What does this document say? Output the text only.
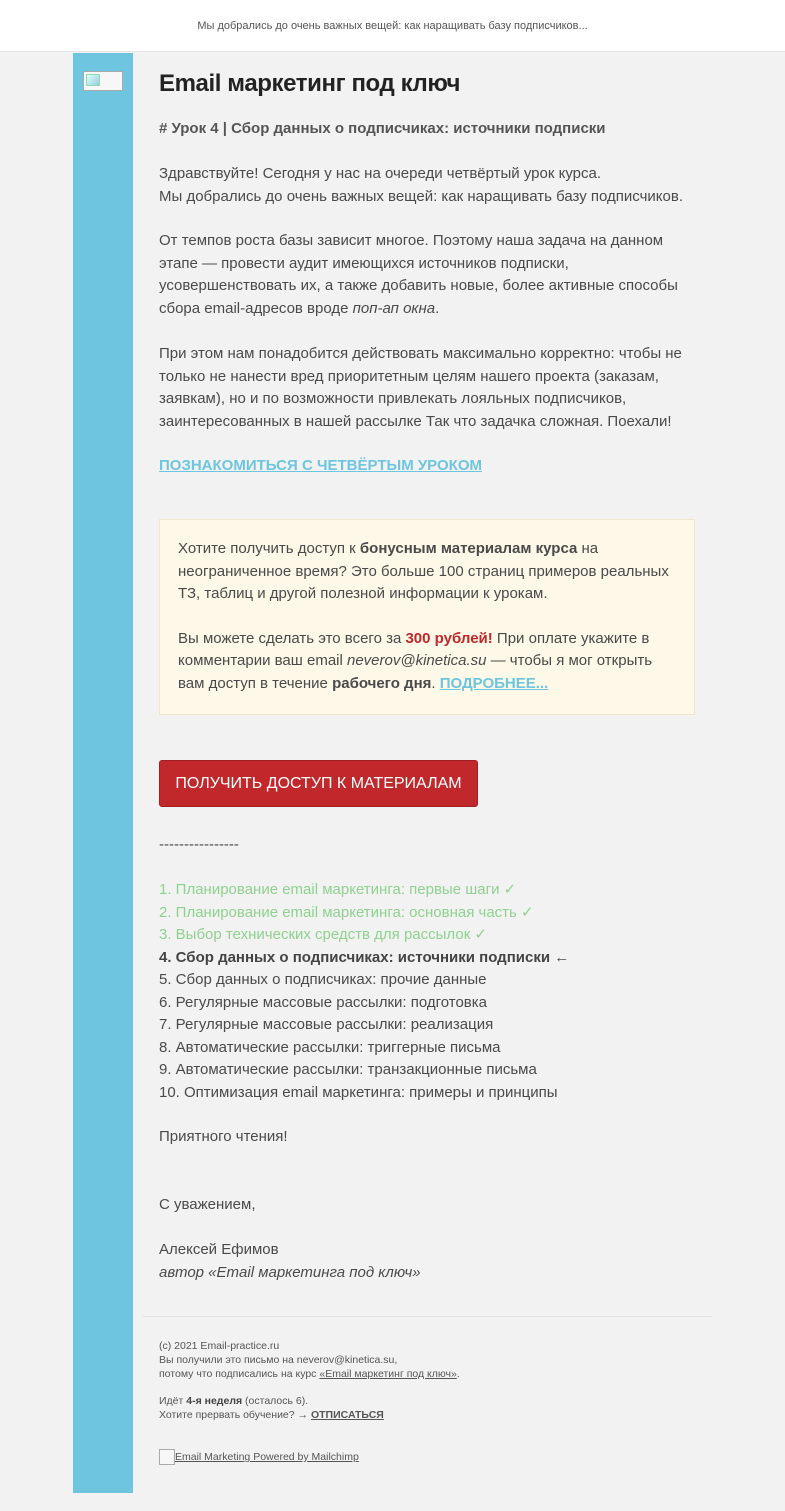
Мы добрались до очень важных вещей: как наращивать базу подписчиков...
Email маркетинг под ключ
# Урок 4 | Сбор данных о подписчиках: источники подписки
Здравствуйте! Сегодня у нас на очереди четвёртый урок курса.
Мы добрались до очень важных вещей: как наращивать базу подписчиков.
От темпов роста базы зависит многое. Поэтому наша задача на данном этапе — провести аудит имеющихся источников подписки, усовершенствовать их, а также добавить новые, более активные способы сбора email-адресов вроде поп-ап окна.
При этом нам понадобится действовать максимально корректно: чтобы не только не нанести вред приоритетным целям нашего проекта (заказам, заявкам), но и по возможности привлекать лояльных подписчиков, заинтересованных в нашей рассылке Так что задачка сложная. Поехали!
ПОЗНАКОМИТЬСЯ С ЧЕТВЁРТЫМ УРОКОМ
Хотите получить доступ к бонусным материалам курса на неограниченное время? Это больше 100 страниц примеров реальных ТЗ, таблиц и другой полезной информации к урокам.
Вы можете сделать это всего за 300 рублей! При оплате укажите в комментарии ваш email neverov@kinetica.su — чтобы я мог открыть вам доступ в течение рабочего дня. ПОДРОБНЕЕ...
ПОЛУЧИТЬ ДОСТУП К МАТЕРИАЛАМ
----------------
1. Планирование email маркетинга: первые шаги ✓
2. Планирование email маркетинга: основная часть ✓
3. Выбор технических средств для рассылок ✓
4. Сбор данных о подписчиках: источники подписки ←
5. Сбор данных о подписчиках: прочие данные
6. Регулярные массовые рассылки: подготовка
7. Регулярные массовые рассылки: реализация
8. Автоматические рассылки: триггерные письма
9. Автоматические рассылки: транзакционные письма
10. Оптимизация email маркетинга: примеры и принципы
Приятного чтения!
С уважением,
Алексей Ефимов
автор «Email маркетинга под ключ»
(c) 2021 Email-practice.ru
Вы получили это письмо на neverov@kinetica.su,
потому что подписались на курс «Email маркетинг под ключ».
Идёт 4-я неделя (осталось 6).
Хотите прервать обучение? → ОТПИСАТЬСЯ
Email Marketing Powered by Mailchimp
